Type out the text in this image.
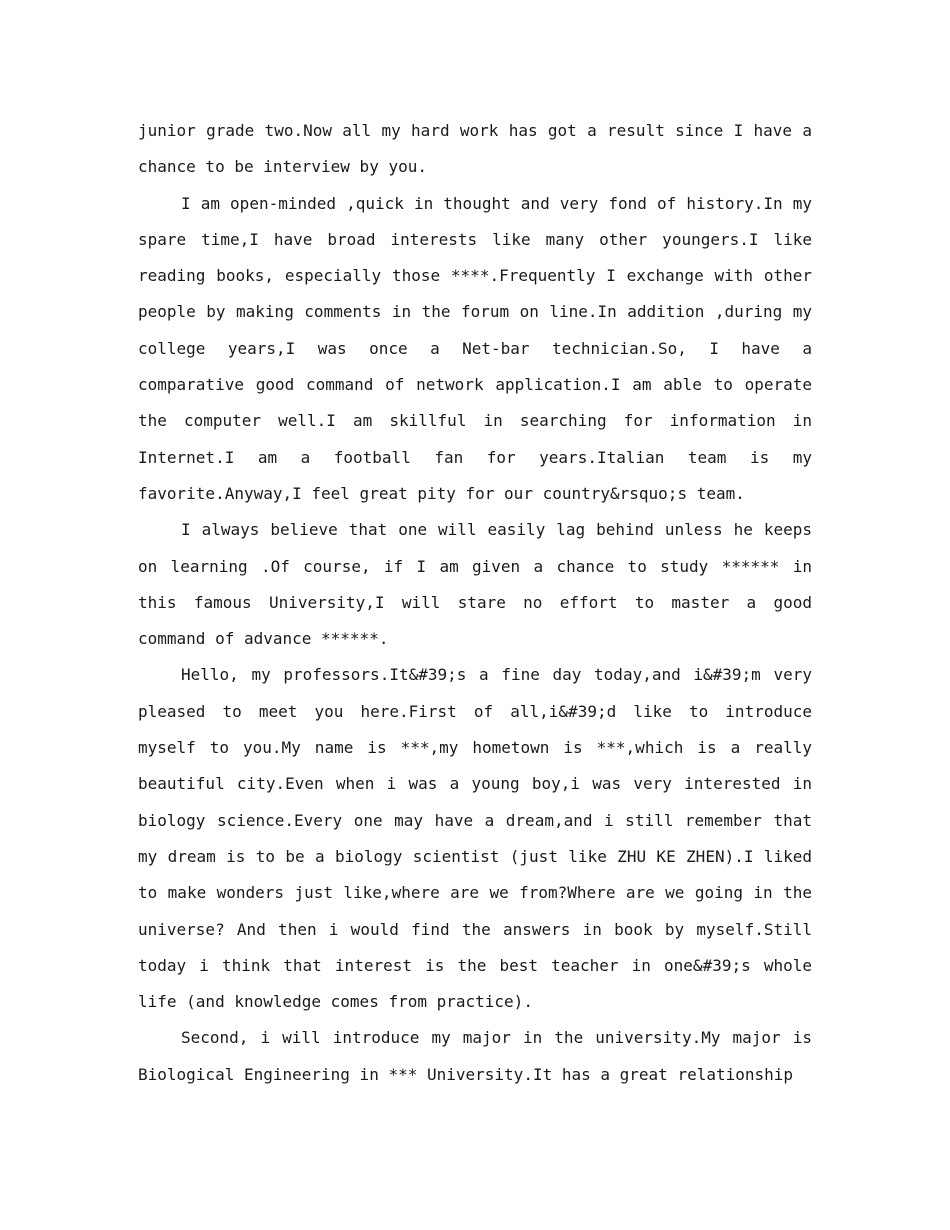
junior grade two.Now all my hard work has got a result since I have a chance to be interview by you.

I am open-minded ,quick in thought and very fond of history.In my spare time,I have broad interests like many other youngers.I like reading books, especially those ****.Frequently I exchange with other people by making comments in the forum on line.In addition ,during my college years,I was once a Net-bar technician.So, I have a comparative good command of network application.I am able to operate the computer well.I am skillful in searching for information in Internet.I am a football fan for years.Italian team is my favorite.Anyway,I feel great pity for our country&rsquo;s team.

I always believe that one will easily lag behind unless he keeps on learning .Of course, if I am given a chance to study ****** in this famous University,I will stare no effort to master a good command of advance ******.

Hello, my professors.It&#39;s a fine day today,and i&#39;m very pleased to meet you here.First of all,i&#39;d like to introduce myself to you.My name is ***,my hometown is ***,which is a really beautiful city.Even when i was a young boy,i was very interested in biology science.Every one may have a dream,and i still remember that my dream is to be a biology scientist (just like ZHU KE ZHEN).I liked to make wonders just like,where are we from?Where are we going in the universe? And then i would find the answers in book by myself.Still today i think that interest is the best teacher in one&#39;s whole life (and knowledge comes from practice).

Second, i will introduce my major in the university.My major is Biological Engineering in *** University.It has a great relationship
